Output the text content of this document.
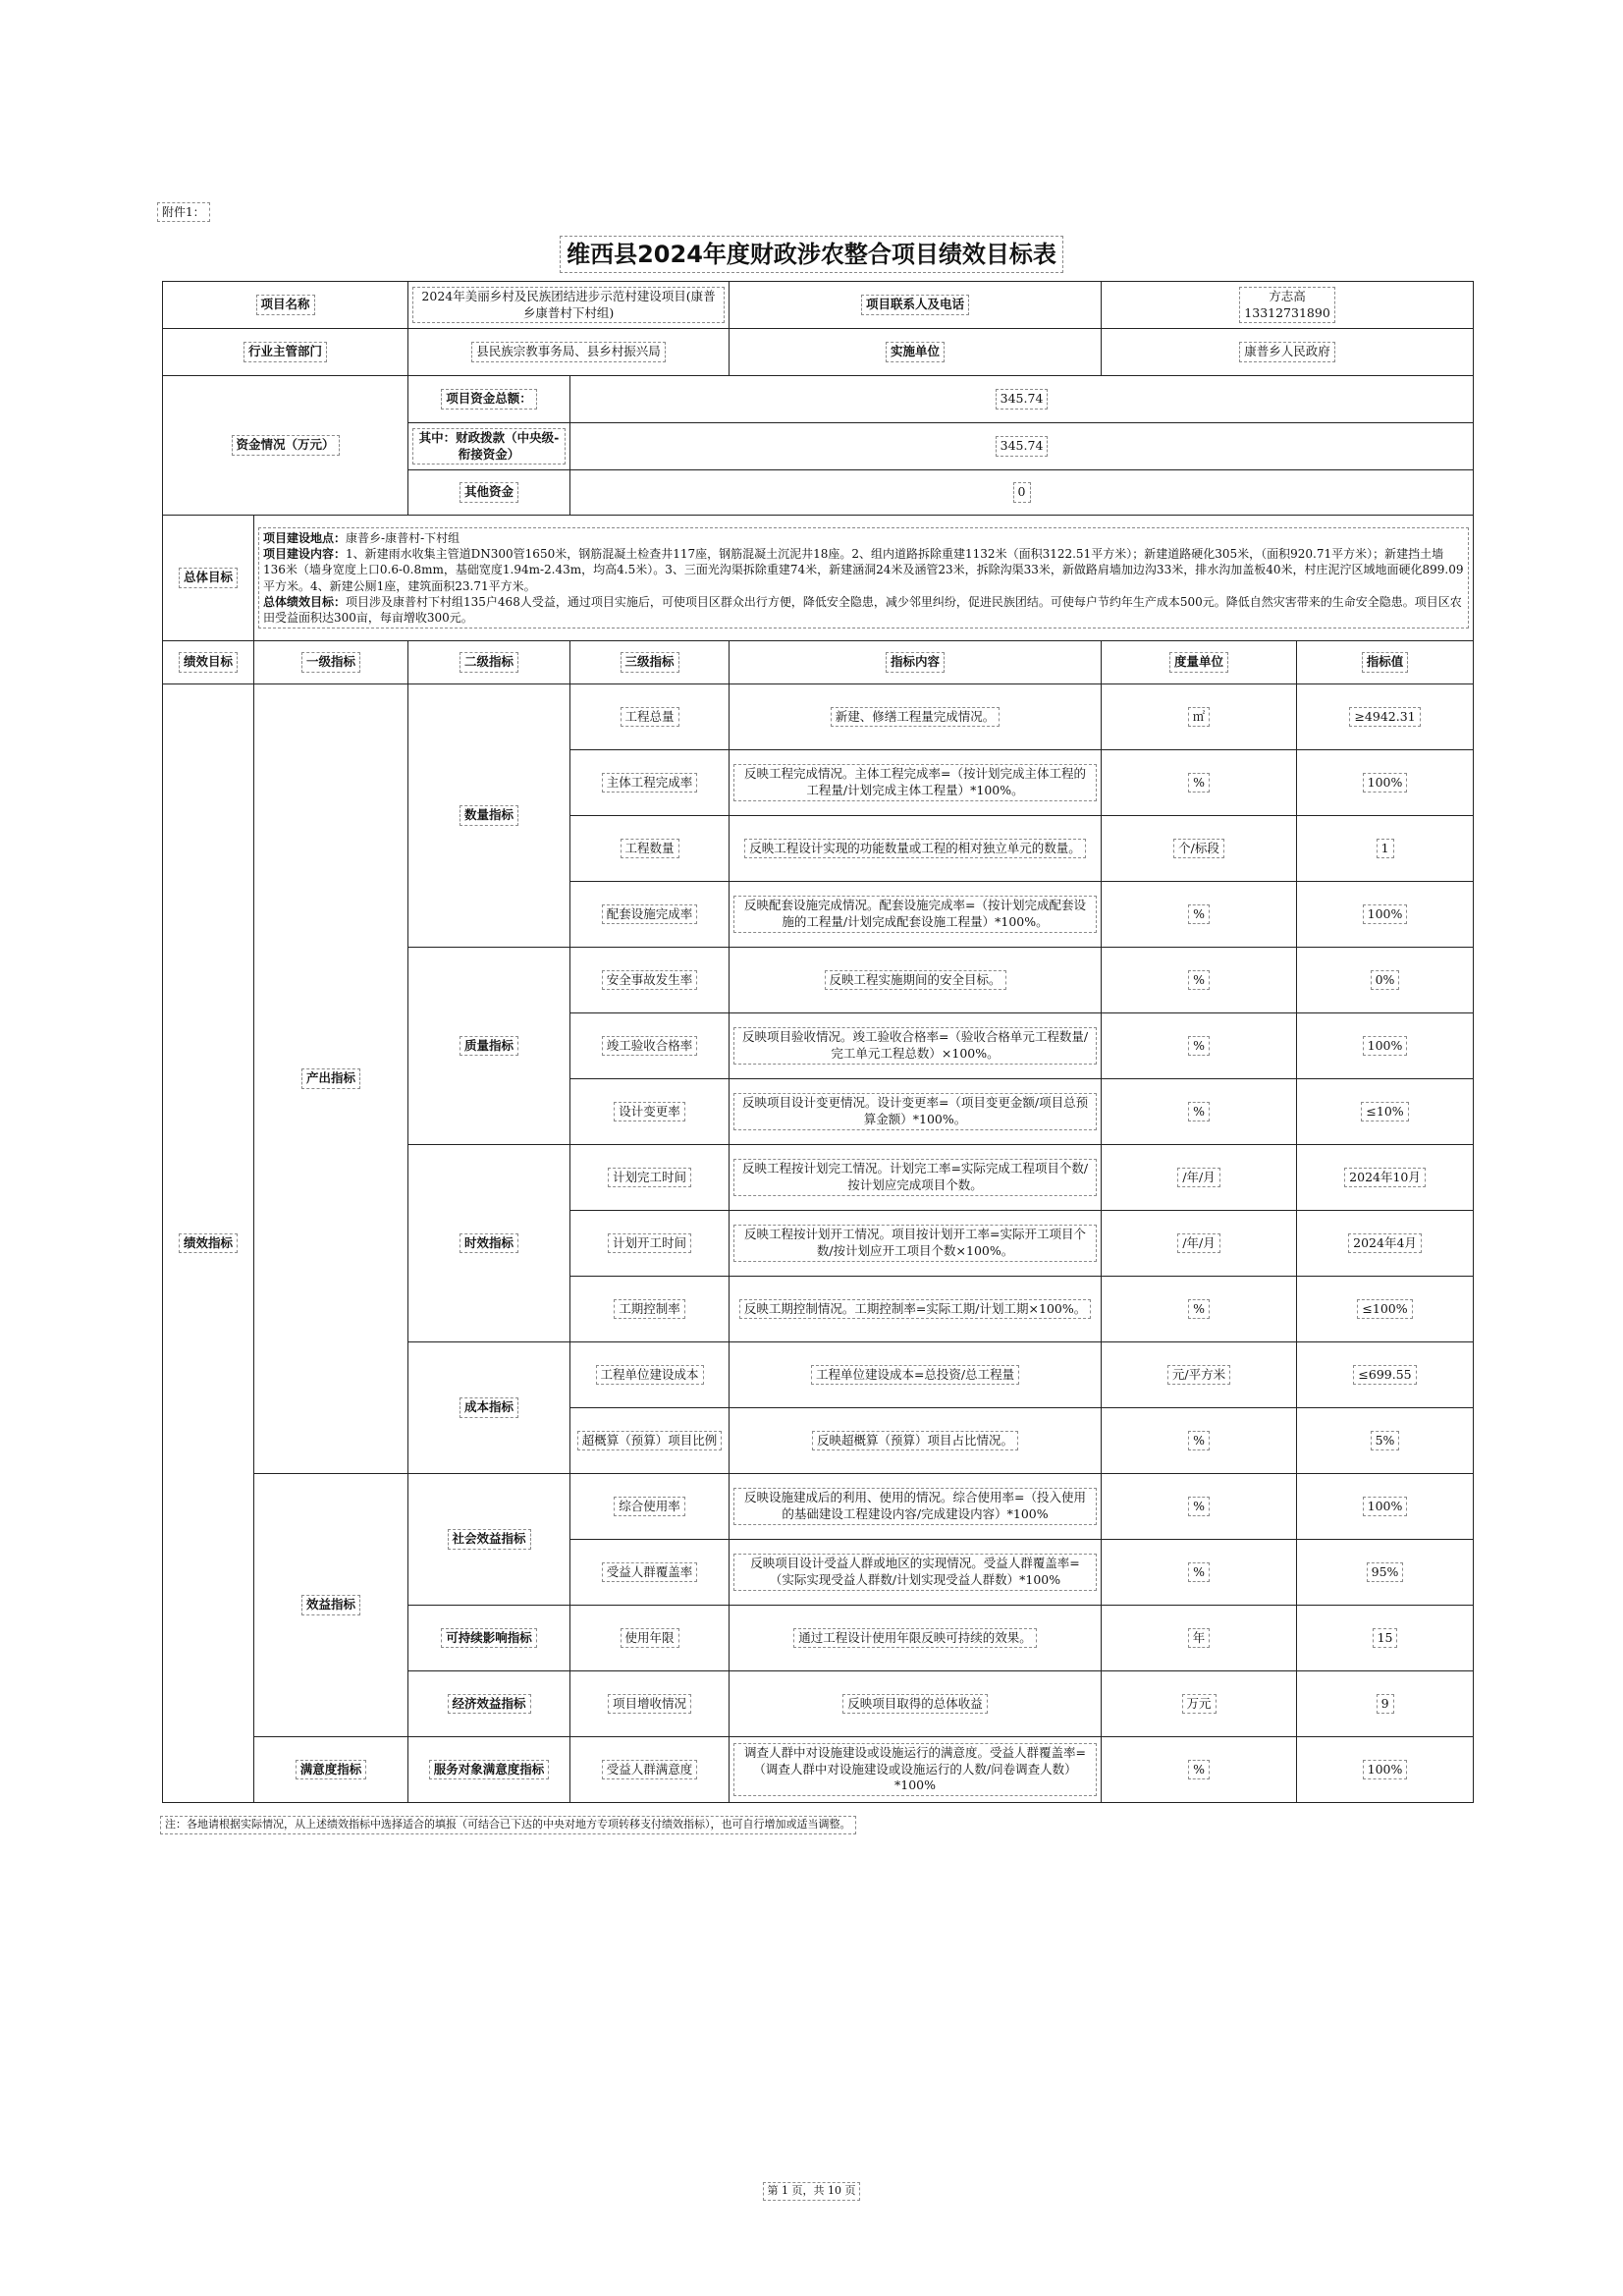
附件1：
维西县2024年度财政涉农整合项目绩效目标表
项目名称		2024年美丽乡村及民族团结进步示范村建设项目(康普乡康普村下村组)		项目联系人及电话	方志高
13312731890	
行业主管部门		县民族宗教事务局、县乡村振兴局		实施单位	康普乡人民政府	
资金情况（万元）		项目资金总额：	345.74			
		其中：财政拨款（中央级-衔接资金）	345.74			
		其他资金	0			
总体目标	项目建设地点：康普乡-康普村-下村组
项目建设内容：1、新建雨水收集主管道DN300管1650米，钢筋混凝土检查井117座，钢筋混凝土沉泥井18座。2、组内道路拆除重建1132米（面积3122.51平方米）；新建道路硬化305米，（面积920.71平方米）；新建挡土墙136米（墙身宽度上口0.6-0.8mm，基础宽度1.94m-2.43m，均高4.5米）。3、三面光沟渠拆除重建74米，新建涵洞24米及涵管23米，拆除沟渠33米，新做路肩墙加边沟33米，排水沟加盖板40米，村庄泥泞区域地面硬化899.09平方米。4、新建公厕1座，建筑面积23.71平方米。
总体绩效目标：项目涉及康普村下村组135户468人受益，通过项目实施后，可使项目区群众出行方便，降低安全隐患，减少邻里纠纷，促进民族团结。可使每户节约年生产成本500元。降低自然灾害带来的生命安全隐患。项目区农田受益面积达300亩，每亩增收300元。					

绩效目标	一级指标	二级指标	三级指标	指标内容	度量单位	指标值
绩效指标	产出指标	数量指标	工程总量	新建、修缮工程量完成情况。	㎡	≥4942.31
			主体工程完成率	反映工程完成情况。主体工程完成率=（按计划完成主体工程的工程量/计划完成主体工程量）*100%。	%	100%
			工程数量	反映工程设计实现的功能数量或工程的相对独立单元的数量。	个/标段	1
			配套设施完成率	反映配套设施完成情况。配套设施完成率=（按计划完成配套设施的工程量/计划完成配套设施工程量）*100%。	%	100%
		质量指标	安全事故发生率	反映工程实施期间的安全目标。	%	0%
			竣工验收合格率	反映项目验收情况。竣工验收合格率=（验收合格单元工程数量/完工单元工程总数）×100%。	%	100%
			设计变更率	反映项目设计变更情况。设计变更率=（项目变更金额/项目总预算金额）*100%。	%	≤10%
		时效指标	计划完工时间	反映工程按计划完工情况。计划完工率=实际完成工程项目个数/按计划应完成项目个数。	/年/月	2024年10月
			计划开工时间	反映工程按计划开工情况。项目按计划开工率=实际开工项目个数/按计划应开工项目个数×100%。	/年/月	2024年4月
			工期控制率	反映工期控制情况。工期控制率=实际工期/计划工期×100%。	%	≤100%
		成本指标	工程单位建设成本	工程单位建设成本=总投资/总工程量	元/平方米	≤699.55
			超概算（预算）项目比例	反映超概算（预算）项目占比情况。	%	5%
	效益指标	社会效益指标	综合使用率	反映设施建成后的利用、使用的情况。综合使用率=（投入使用的基础建设工程建设内容/完成建设内容）*100%	%	100%
			受益人群覆盖率	反映项目设计受益人群或地区的实现情况。受益人群覆盖率=（实际实现受益人群数/计划实现受益人群数）*100%	%	95%
		可持续影响指标	使用年限	通过工程设计使用年限反映可持续的效果。	年	15
		经济效益指标	项目增收情况	反映项目取得的总体收益	万元	9
	满意度指标	服务对象满意度指标	受益人群满意度	调查人群中对设施建设或设施运行的满意度。受益人群覆盖率=（调查人群中对设施建设或设施运行的人数/问卷调查人数）*100%	%	100%
注：各地请根据实际情况，从上述绩效指标中选择适合的填报（可结合已下达的中央对地方专项转移支付绩效指标），也可自行增加或适当调整。
第 1 页，共 10 页
